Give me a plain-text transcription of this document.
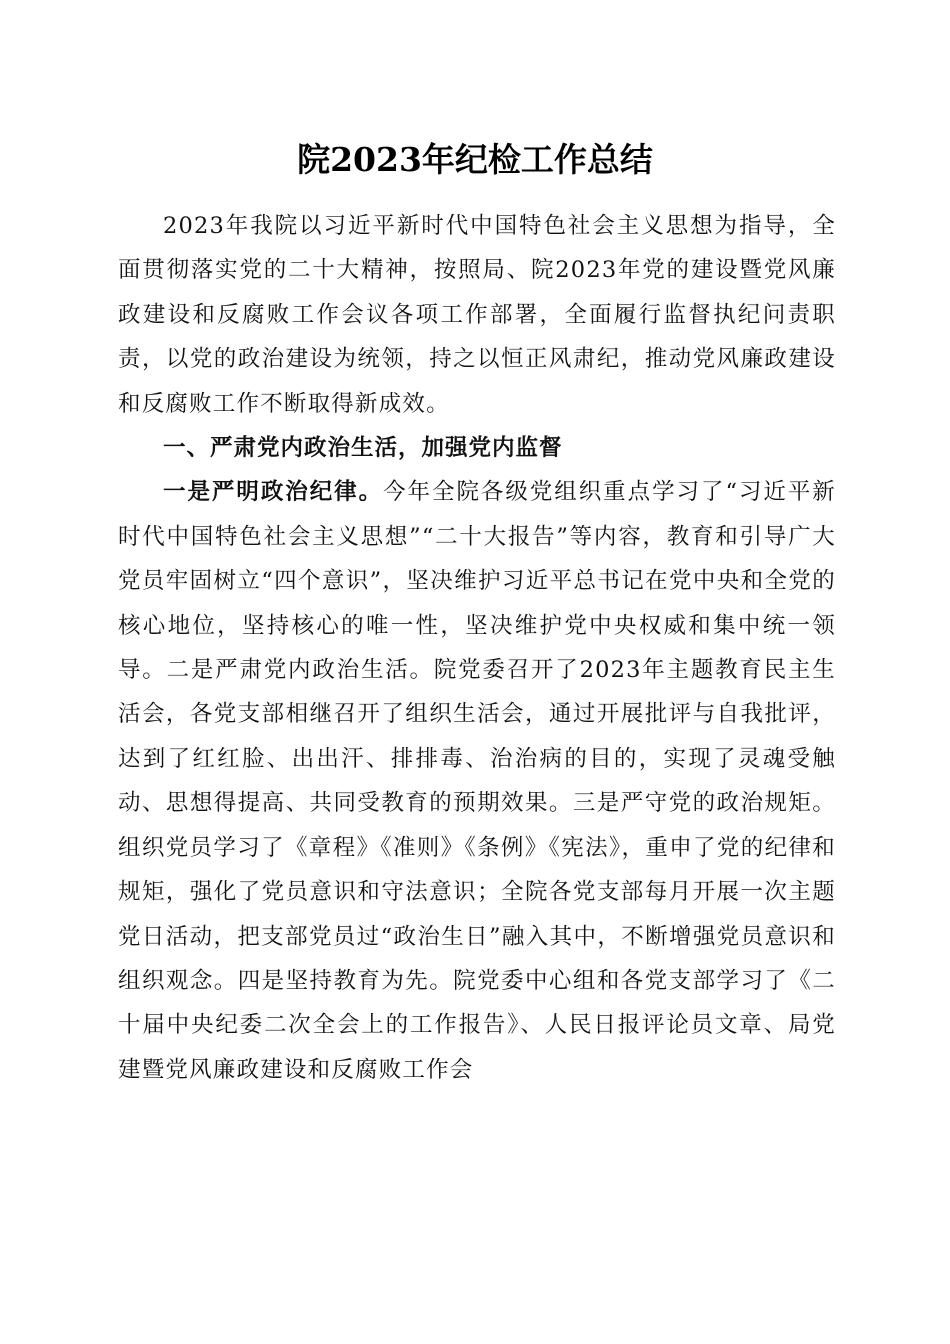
院2023年纪检工作总结

2023年我院以习近平新时代中国特色社会主义思想为指导，全面贯彻落实党的二十大精神，按照局、院2023年党的建设暨党风廉政建设和反腐败工作会议各项工作部署，全面履行监督执纪问责职责，以党的政治建设为统领，持之以恒正风肃纪，推动党风廉政建设和反腐败工作不断取得新成效。

一、严肃党内政治生活，加强党内监督

一是严明政治纪律。今年全院各级党组织重点学习了“习近平新时代中国特色社会主义思想”“二十大报告”等内容，教育和引导广大党员牢固树立“四个意识”，坚决维护习近平总书记在党中央和全党的核心地位，坚持核心的唯一性，坚决维护党中央权威和集中统一领导。二是严肃党内政治生活。院党委召开了2023年主题教育民主生活会，各党支部相继召开了组织生活会，通过开展批评与自我批评，达到了红红脸、出出汗、排排毒、治治病的目的，实现了灵魂受触动、思想得提高、共同受教育的预期效果。三是严守党的政治规矩。组织党员学习了《章程》《准则》《条例》《宪法》，重申了党的纪律和规矩，强化了党员意识和守法意识；全院各党支部每月开展一次主题党日活动，把支部党员过“政治生日”融入其中，不断增强党员意识和组织观念。四是坚持教育为先。院党委中心组和各党支部学习了《二十届中央纪委二次全会上的工作报告》、人民日报评论员文章、局党建暨党风廉政建设和反腐败工作会
